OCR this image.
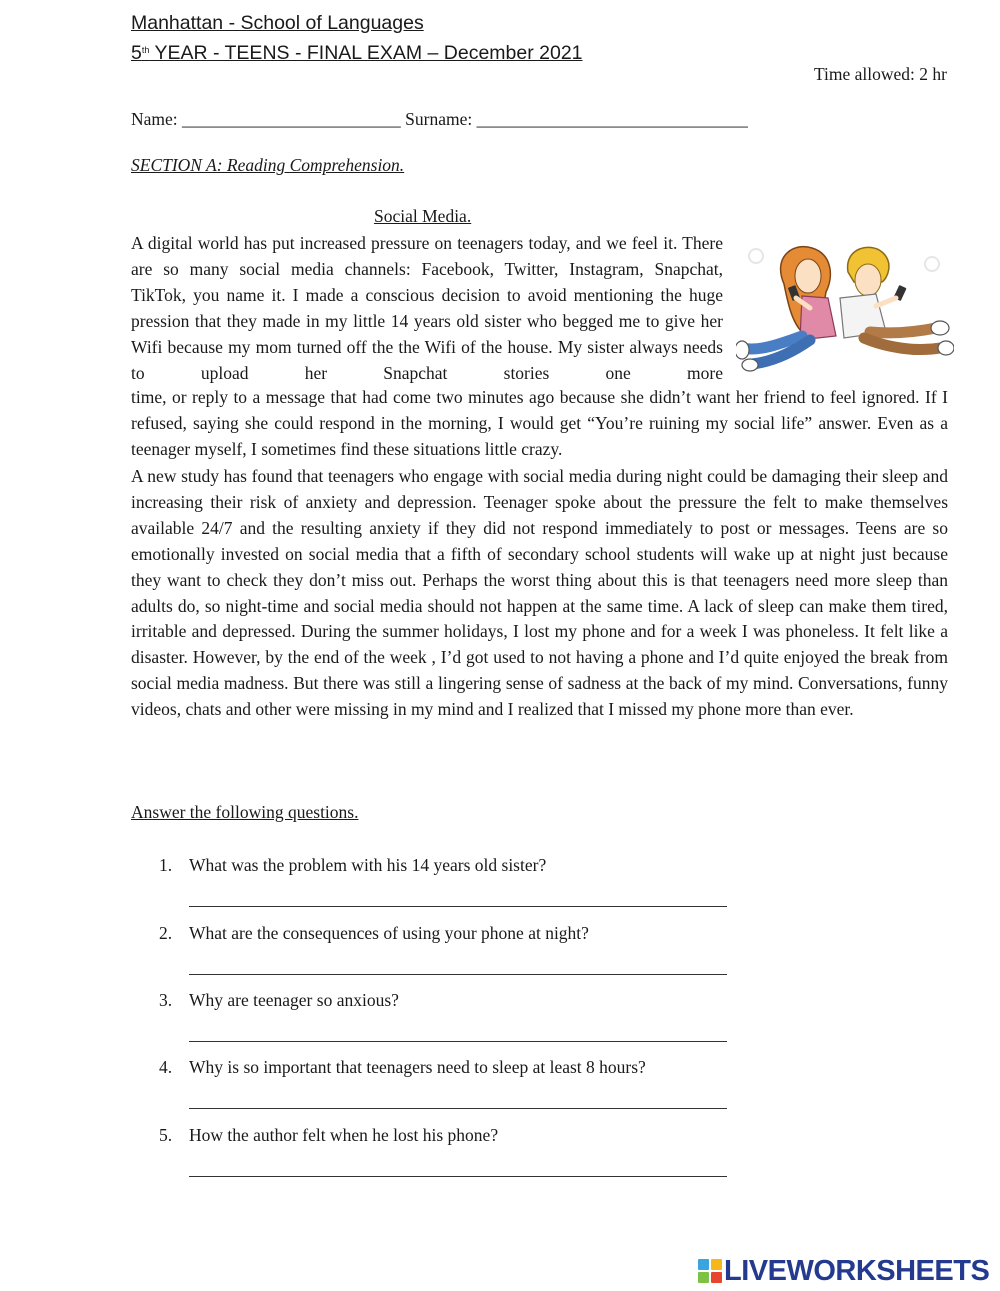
Manhattan - School of Languages
5th YEAR - TEENS - FINAL EXAM – December 2021
Time allowed: 2 hr
Name: _________________________ Surname: _______________________________
SECTION A: Reading Comprehension.
Social Media.
A digital world has put increased pressure on teenagers today, and we feel it. There are so many social media channels: Facebook, Twitter, Instagram, Snapchat, TikTok, you name it. I made a conscious decision to avoid mentioning the huge pression that they made in my little 14 years old sister who begged me to give her Wifi because my mom turned off the the Wifi of the house. My sister always needs to upload her Snapchat stories one more
time, or reply to a message that had come two minutes ago because she didn’t want her friend to feel ignored. If I refused, saying she could respond in the morning, I would get “You’re ruining my social life” answer. Even as a teenager myself, I sometimes find these situations little crazy.
A new study has found that teenagers who engage with social media during night could be damaging their sleep and increasing their risk of anxiety and depression. Teenager spoke about the pressure the felt to make themselves available 24/7 and the resulting anxiety if they did not respond immediately to post or messages. Teens are so emotionally invested on social media that a fifth of secondary school students will wake up at night just because they want to check they don’t miss out. Perhaps the worst thing about this is that teenagers need more sleep than adults do, so night-time and social media should not happen at the same time. A lack of sleep can make them tired, irritable and depressed. During the summer holidays, I lost my phone and for a week I was phoneless. It felt like a disaster. However, by the end of the week , I’d got used to not having a phone and I’d quite enjoyed the break from social media madness. But there was still a lingering sense of sadness at the back of my mind. Conversations, funny videos, chats and other were missing in my mind and I realized that I missed my phone more than ever.
Answer the following questions.
1. What was the problem with his 14 years old sister?
2. What are the consequences of using your phone at night?
3. Why are teenager so anxious?
4. Why is so important that teenagers need to sleep at least 8 hours?
5. How the author felt when he lost his phone?
LIVEWORKSHEETS
